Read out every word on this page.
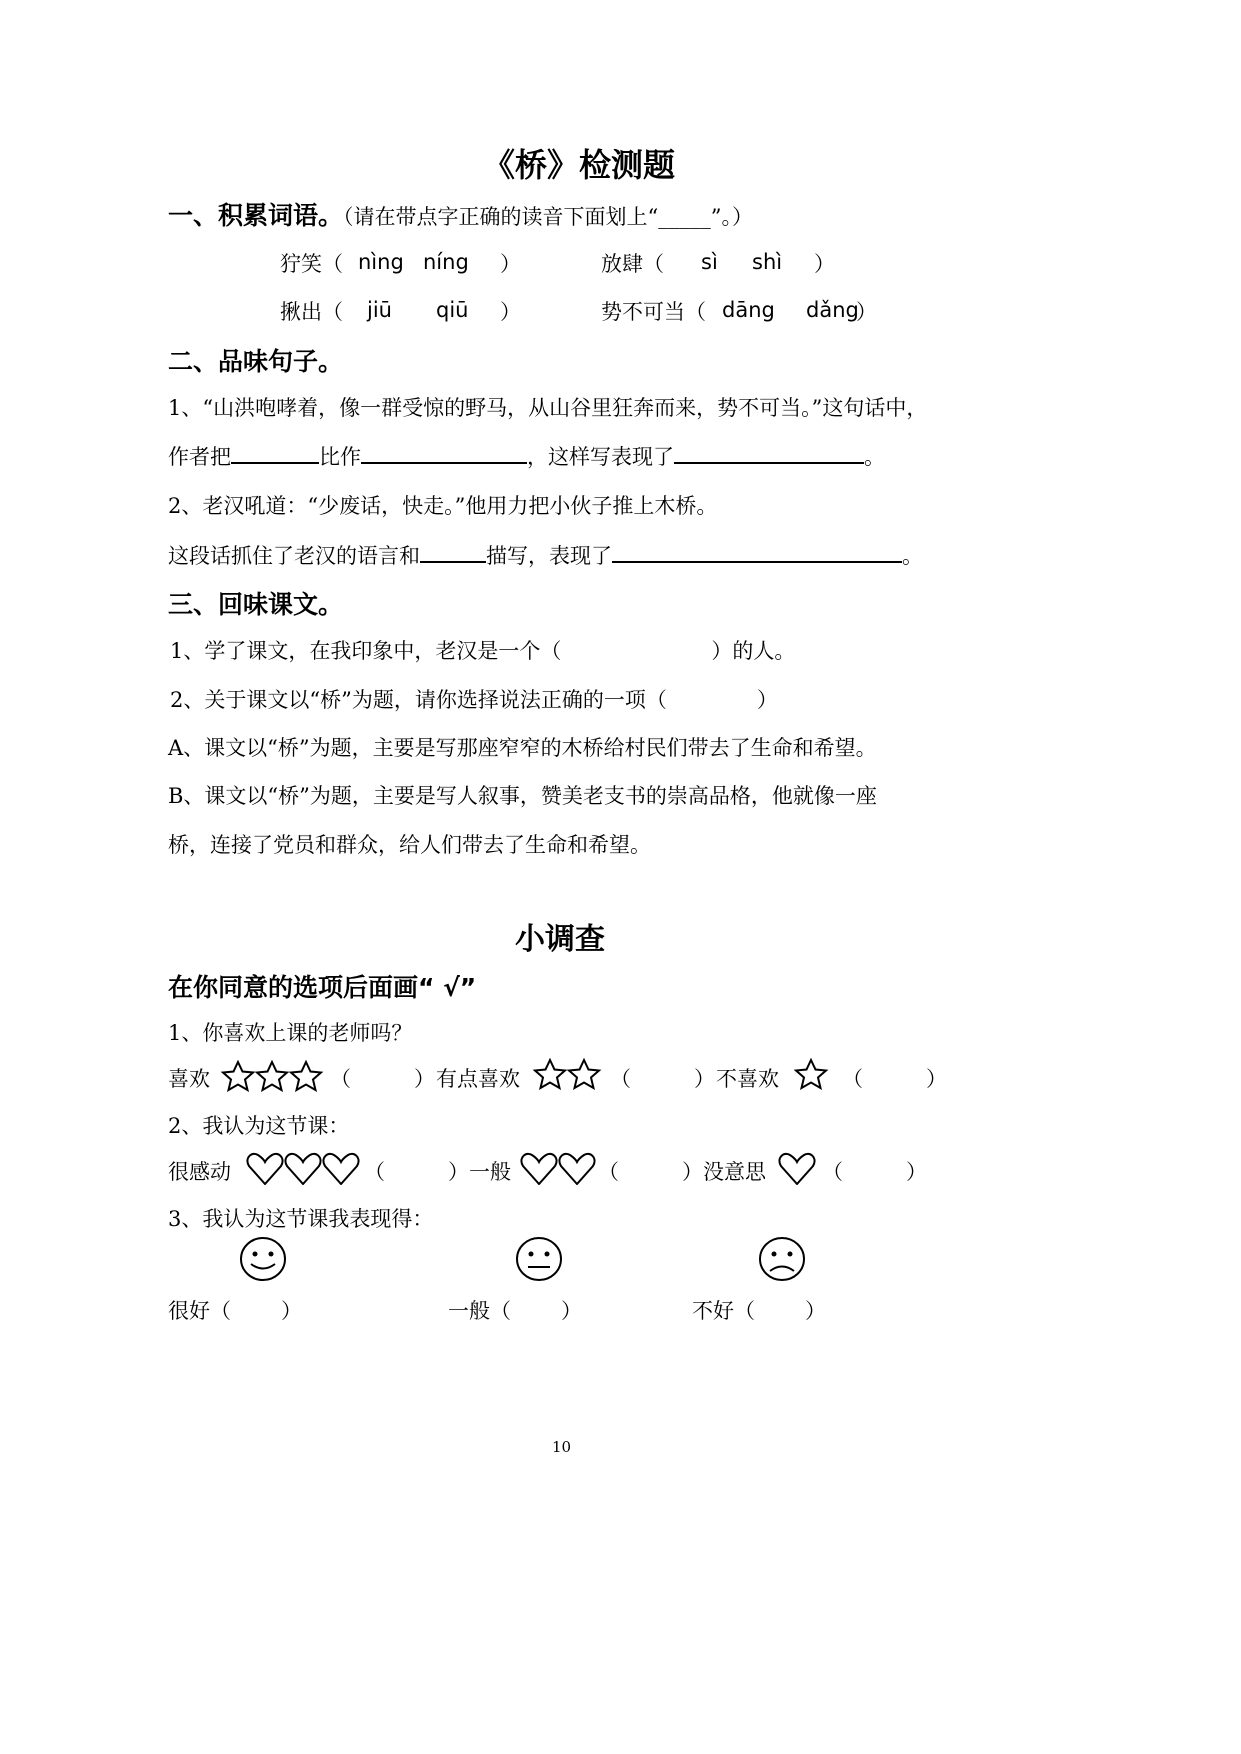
《桥》检测题
一、积累词语。（请在带点字正确的读音下面划上“_____”。）
狞笑（ nìng níng ）	放肆（ sì shì ）
揪出（ jiū qiū ）	势不可当（ dāng dǎng
）
二、品味句子。
1、“山洪咆哮着，像一群受惊的野马，从山谷里狂奔而来，势不可当。”这句话中，
作者把	比作	，这样写表现了	。
2、老汉吼道：“少废话，快走。”他用力把小伙子推上木桥。
这段话抓住了老汉的语言和	描写，表现了	。
三、回味课文。
1、学了课文，在我印象中，老汉是一个（	）的人。
2、关于课文以“桥”为题，请你选择说法正确的一项（	）
A、课文以“桥”为题，主要是写那座窄窄的木桥给村民们带去了生命和希望。
B、课文以“桥”为题，主要是写人叙事，赞美老支书的崇高品格，他就像一座
桥，连接了党员和群众，给人们带去了生命和希望。
小调查
在你同意的选项后面画“ √”
1、你喜欢上课的老师吗？
喜欢	（　　　） 有点喜欢	（　　　） 不喜欢	（　　　）
2、我认为这节课：
很感动	（　　　） 一般	（　　　） 没意思	（　　　）
3、我认为这节课我表现得：
很好（ ）	一般（ ）	不好（ ）
10
